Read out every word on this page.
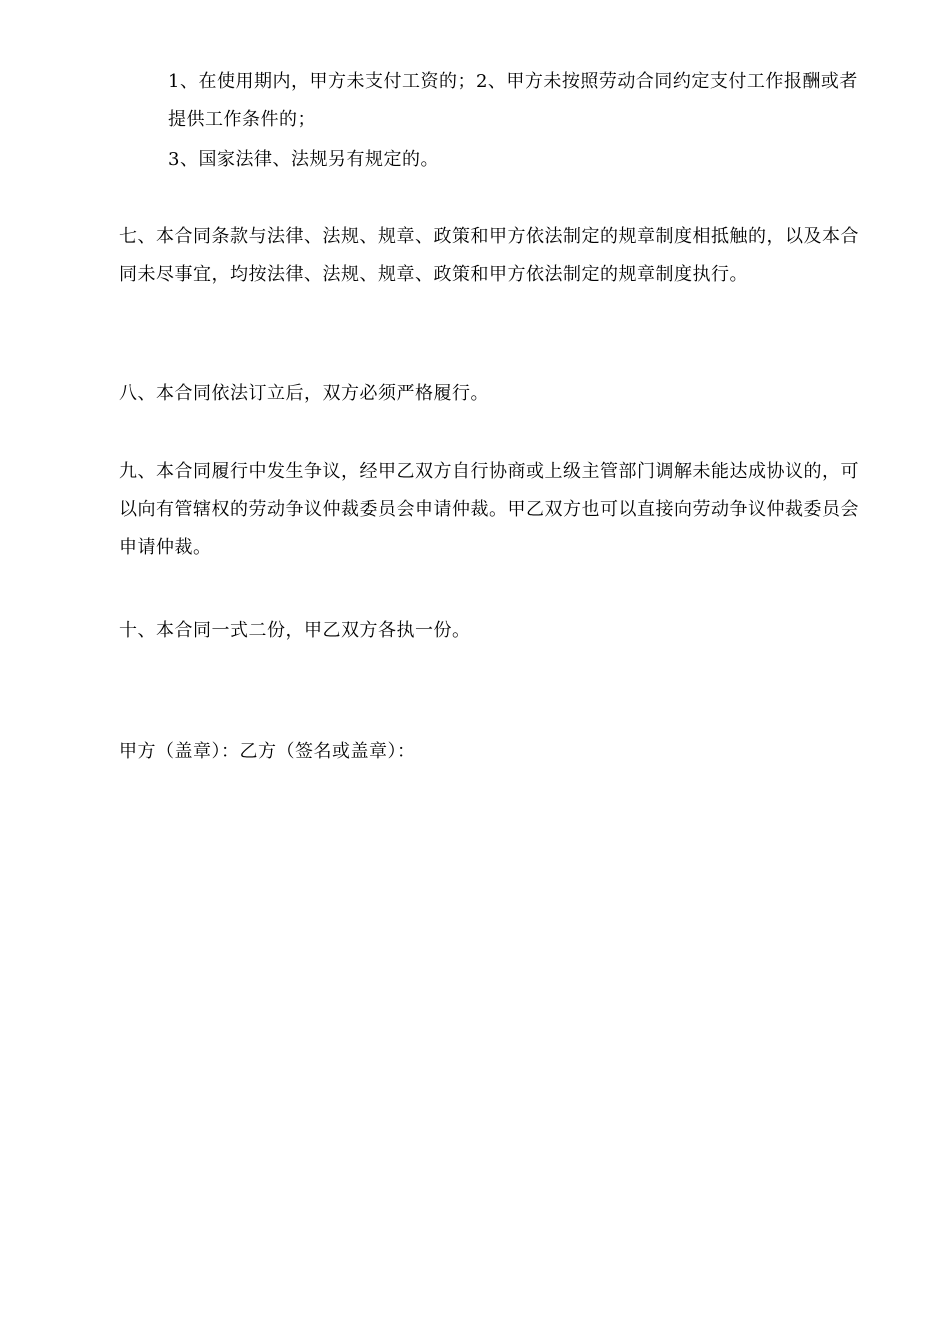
1、在使用期内，甲方未支付工资的；2、甲方未按照劳动合同约定支付工作报酬或者提供工作条件的；

3、国家法律、法规另有规定的。

七、本合同条款与法律、法规、规章、政策和甲方依法制定的规章制度相抵触的，以及本合同未尽事宜，均按法律、法规、规章、政策和甲方依法制定的规章制度执行。

八、本合同依法订立后，双方必须严格履行。

九、本合同履行中发生争议，经甲乙双方自行协商或上级主管部门调解未能达成协议的，可以向有管辖权的劳动争议仲裁委员会申请仲裁。甲乙双方也可以直接向劳动争议仲裁委员会申请仲裁。

十、本合同一式二份，甲乙双方各执一份。

甲方（盖章）：乙方（签名或盖章）：
